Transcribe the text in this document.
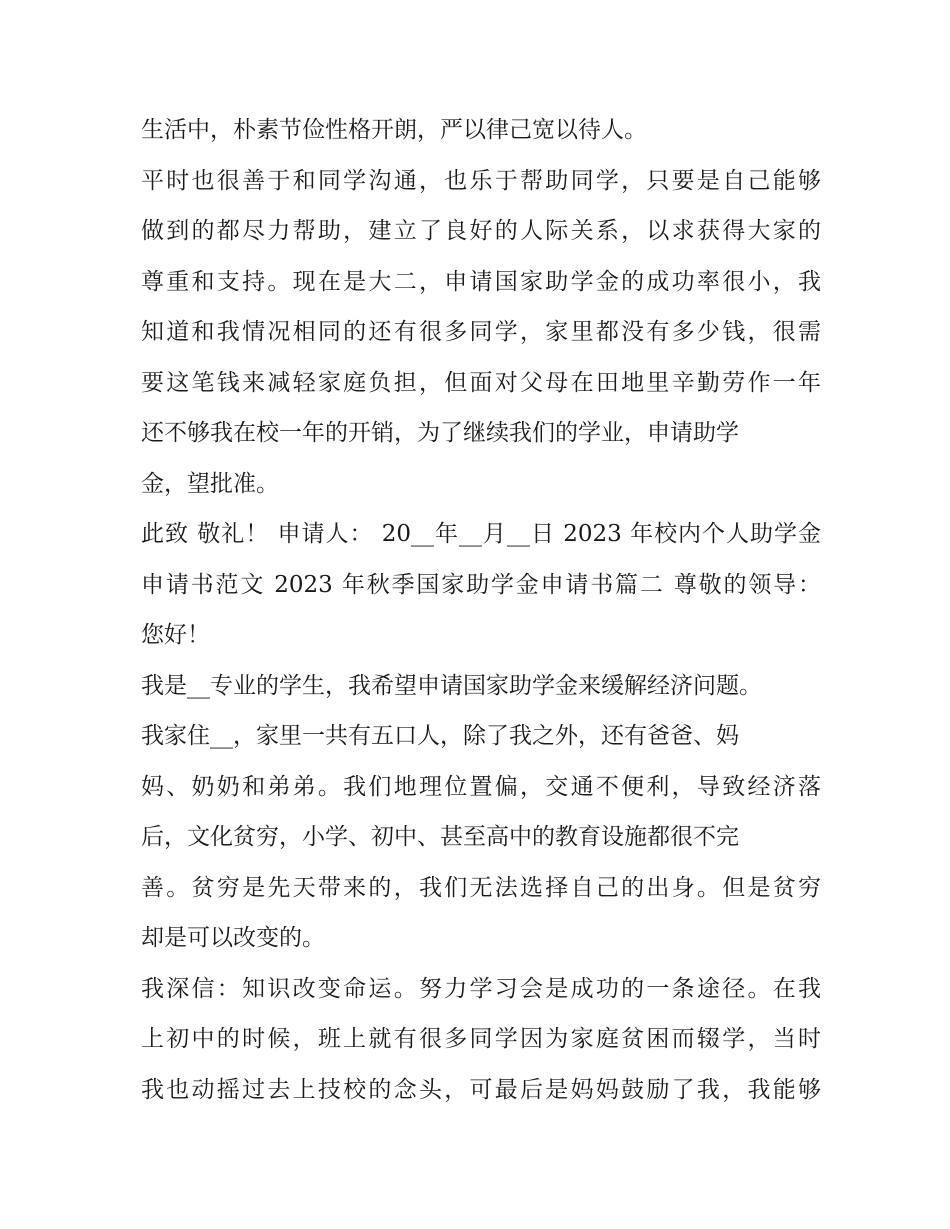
生活中，朴素节俭性格开朗，严以律己宽以待人。
平时也很善于和同学沟通，也乐于帮助同学，只要是自己能够
做到的都尽力帮助，建立了良好的人际关系，以求获得大家的
尊重和支持。现在是大二，申请国家助学金的成功率很小，我
知道和我情况相同的还有很多同学，家里都没有多少钱，很需
要这笔钱来减轻家庭负担，但面对父母在田地里辛勤劳作一年
还不够我在校一年的开销，为了继续我们的学业，申请助学
金，望批准。
此致 敬礼！ 申请人： 20__年__月__日 2023 年校内个人助学金
申请书范文 2023 年秋季国家助学金申请书篇二 尊敬的领导：
您好！
我是__专业的学生，我希望申请国家助学金来缓解经济问题。
我家住__，家里一共有五口人，除了我之外，还有爸爸、妈
妈、奶奶和弟弟。我们地理位置偏，交通不便利，导致经济落
后，文化贫穷，小学、初中、甚至高中的教育设施都很不完
善。贫穷是先天带来的，我们无法选择自己的出身。但是贫穷
却是可以改变的。
我深信：知识改变命运。努力学习会是成功的一条途径。在我
上初中的时候，班上就有很多同学因为家庭贫困而辍学，当时
我也动摇过去上技校的念头，可最后是妈妈鼓励了我，我能够
